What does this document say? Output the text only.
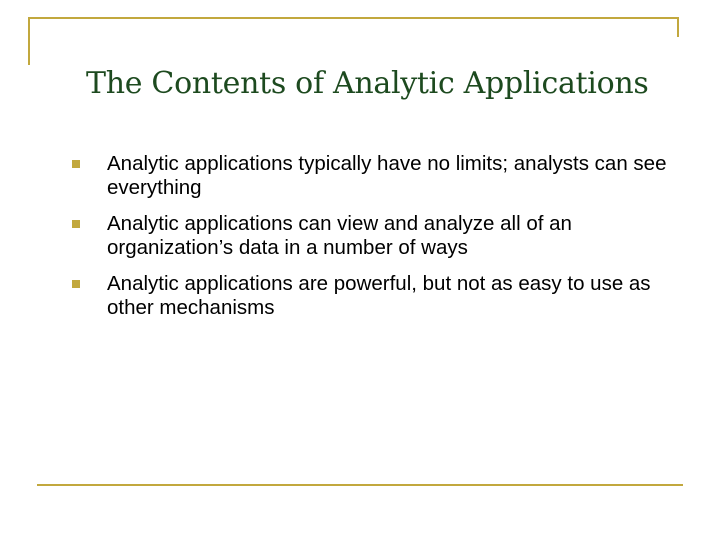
The Contents of Analytic Applications
Analytic applications typically have no limits; analysts can see everything
Analytic applications can view and analyze all of an organization’s data in a number of ways
Analytic applications are powerful, but not as easy to use as other mechanisms
